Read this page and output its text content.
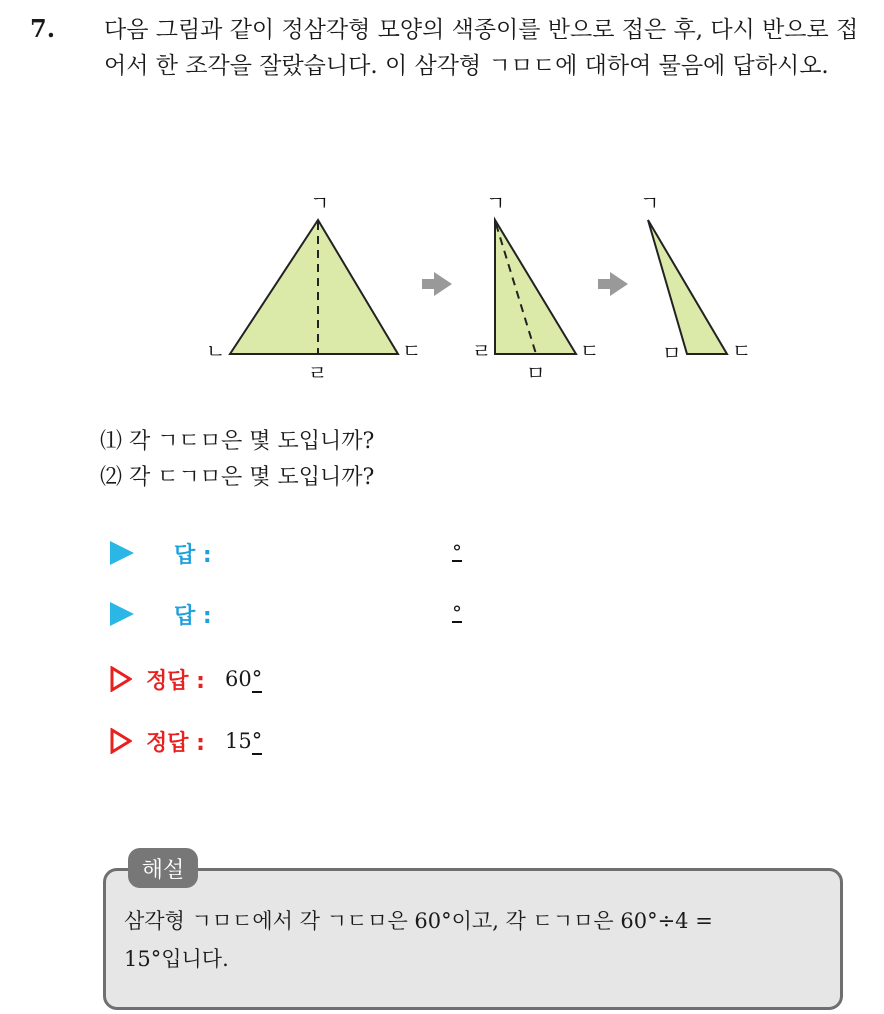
7. 다음 그림과 같이 정삼각형 모양의 색종이를 반으로 접은 후, 다시 반으로 접어서 한 조각을 잘랐습니다. 이 삼각형 ㄱㅁㄷ에 대하여 물음에 답하시오.

ㄱ
ㄴ
ㄹ
ㄷ
ㄱ
ㄹ
ㅁ
ㄷ
ㄱ
ㅁ	ㄷ
⑴ 각 ㄱㄷㅁ은 몇 도입니까?
⑵ 각 ㄷㄱㅁ은 몇 도입니까?
답 :	°
답 :	°
정답 : 60°
정답 : 15°
해설

삼각형 ㄱㅁㄷ에서 각 ㄱㄷㅁ은 60°이고, 각 ㄷㄱㅁ은 60°÷4 =
15°입니다.
